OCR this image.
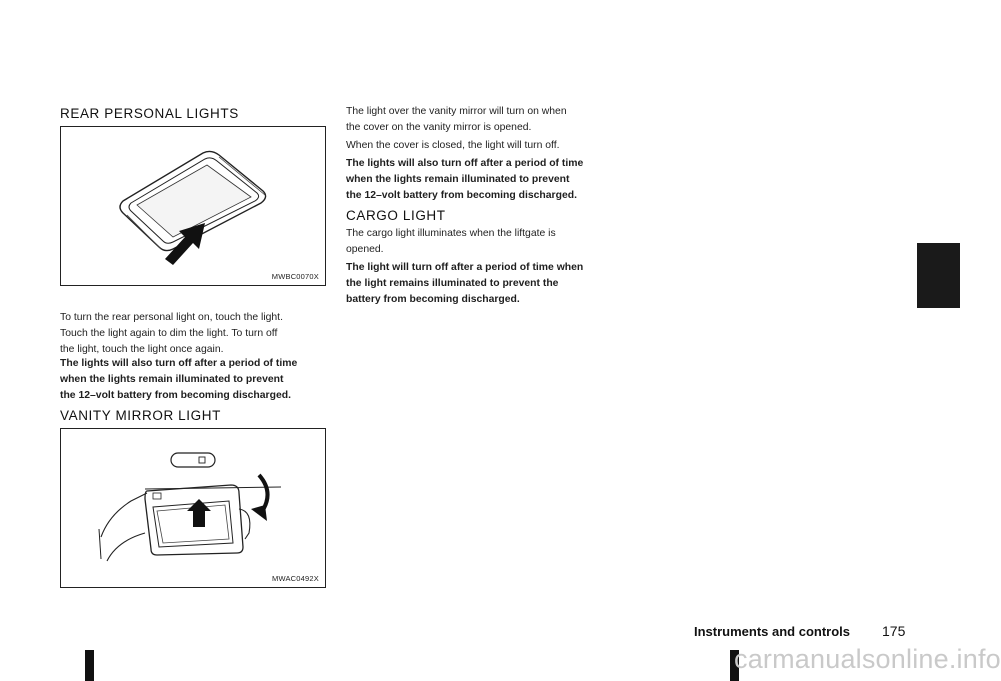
REAR PERSONAL LIGHTS
MWBC0070X

To turn the rear personal light on, touch the light.
Touch the light again to dim the light. To turn off
the light, touch the light once again.

The lights will also turn off after a period of time
when the lights remain illuminated to prevent
the 12–volt battery from becoming discharged.

VANITY MIRROR LIGHT
MWAC0492X

The light over the vanity mirror will turn on when
the cover on the vanity mirror is opened.

When the cover is closed, the light will turn off.

The lights will also turn off after a period of time
when the lights remain illuminated to prevent
the 12–volt battery from becoming discharged.

CARGO LIGHT

The cargo light illuminates when the liftgate is
opened.

The light will turn off after a period of time when
the light remains illuminated to prevent the
battery from becoming discharged.

Instruments and controls 175
carmanualsonline.info
